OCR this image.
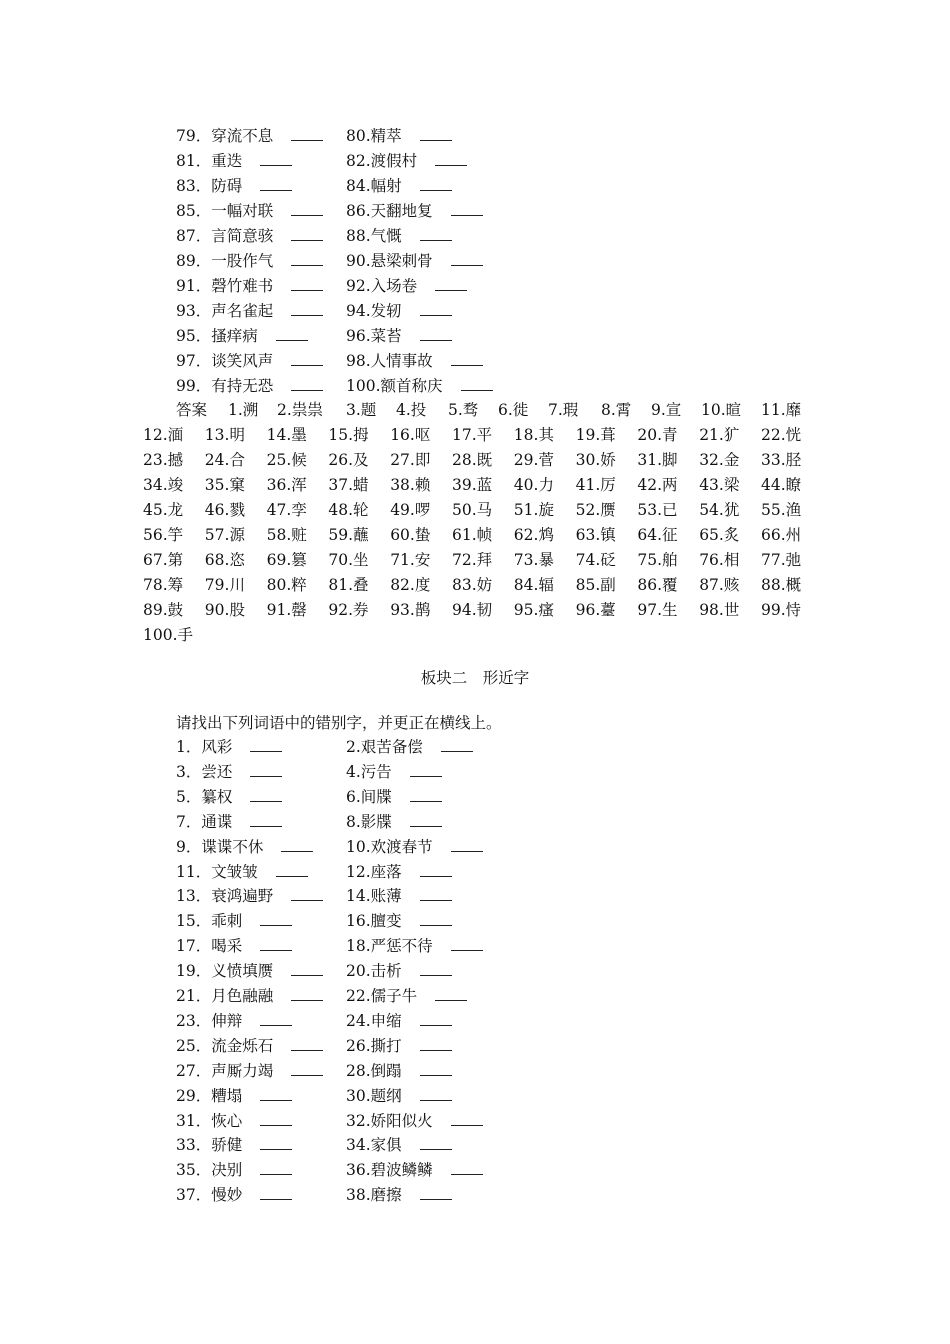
79．穿流不息	80.精萃
81．重迭	82.渡假村
83．防碍	84.幅射
85．一幅对联	86.天翻地复
87．言简意骇	88.气慨
89．一股作气	90.悬梁刺骨
91．磬竹难书	92.入场卷
93．声名雀起	94.发轫
95．搔痒病	96.菜苔
97．谈笑风声	98.人情事故
99．有持无恐	100.额首称庆
答案 1.溯 2.祟祟 3.题 4.投 5.骛 6.徙 7.瑕 8.霄 9.宣 10.暄 11.靡
12.湎 13.明 14.墨 15.拇 16.呕 17.平 18.其 19.葺 20.青 21.犷 22.恍
23.撼 24.合 25.候 26.及 27.即 28.既 29.菅 30.娇 31.脚 32.金 33.胫
34.竣 35.窠 36.浑 37.蜡 38.赖 39.蓝 40.力 41.厉 42.两 43.梁 44.瞭
45.龙 46.戮 47.孪 48.轮 49.啰 50.马 51.旋 52.赝 53.已 54.犹 55.渔
56.竽 57.源 58.赃 59.蘸 60.蛰 61.帧 62.鸩 63.镇 64.征 65.炙 66.州
67.第 68.恣 69.篡 70.坐 71.安 72.拜 73.暴 74.砭 75.舶 76.相 77.弛
78.筹 79.川 80.粹 81.叠 82.度 83.妨 84.辐 85.副 86.覆 87.赅 88.概
89.鼓 90.股 91.罄 92.券 93.鹊 94.韧 95.瘙 96.薹 97.生 98.世 99.恃
100.手
板块二　形近字
请找出下列词语中的错别字，并更正在横线上。
1．风彩	2.艰苦备偿
3．尝还	4.污告
5．纂权	6.间牒
7．通谍	8.影牒
9．谍谍不休	10.欢渡春节
11．文皱皱	12.座落
13．衰鸿遍野	14.账薄
15．乖刺	16.膻变
17．喝采	18.严惩不待
19．义愤填赝	20.击析
21．月色融融	22.儒子牛
23．伸辩	24.申缩
25．流金烁石	26.撕打
27．声厮力竭	28.倒蹋
29．糟塌	30.题纲
31．恢心	32.娇阳似火
33．骄健	34.家俱
35．决别	36.碧波鳞鳞
37．慢妙	38.磨擦
